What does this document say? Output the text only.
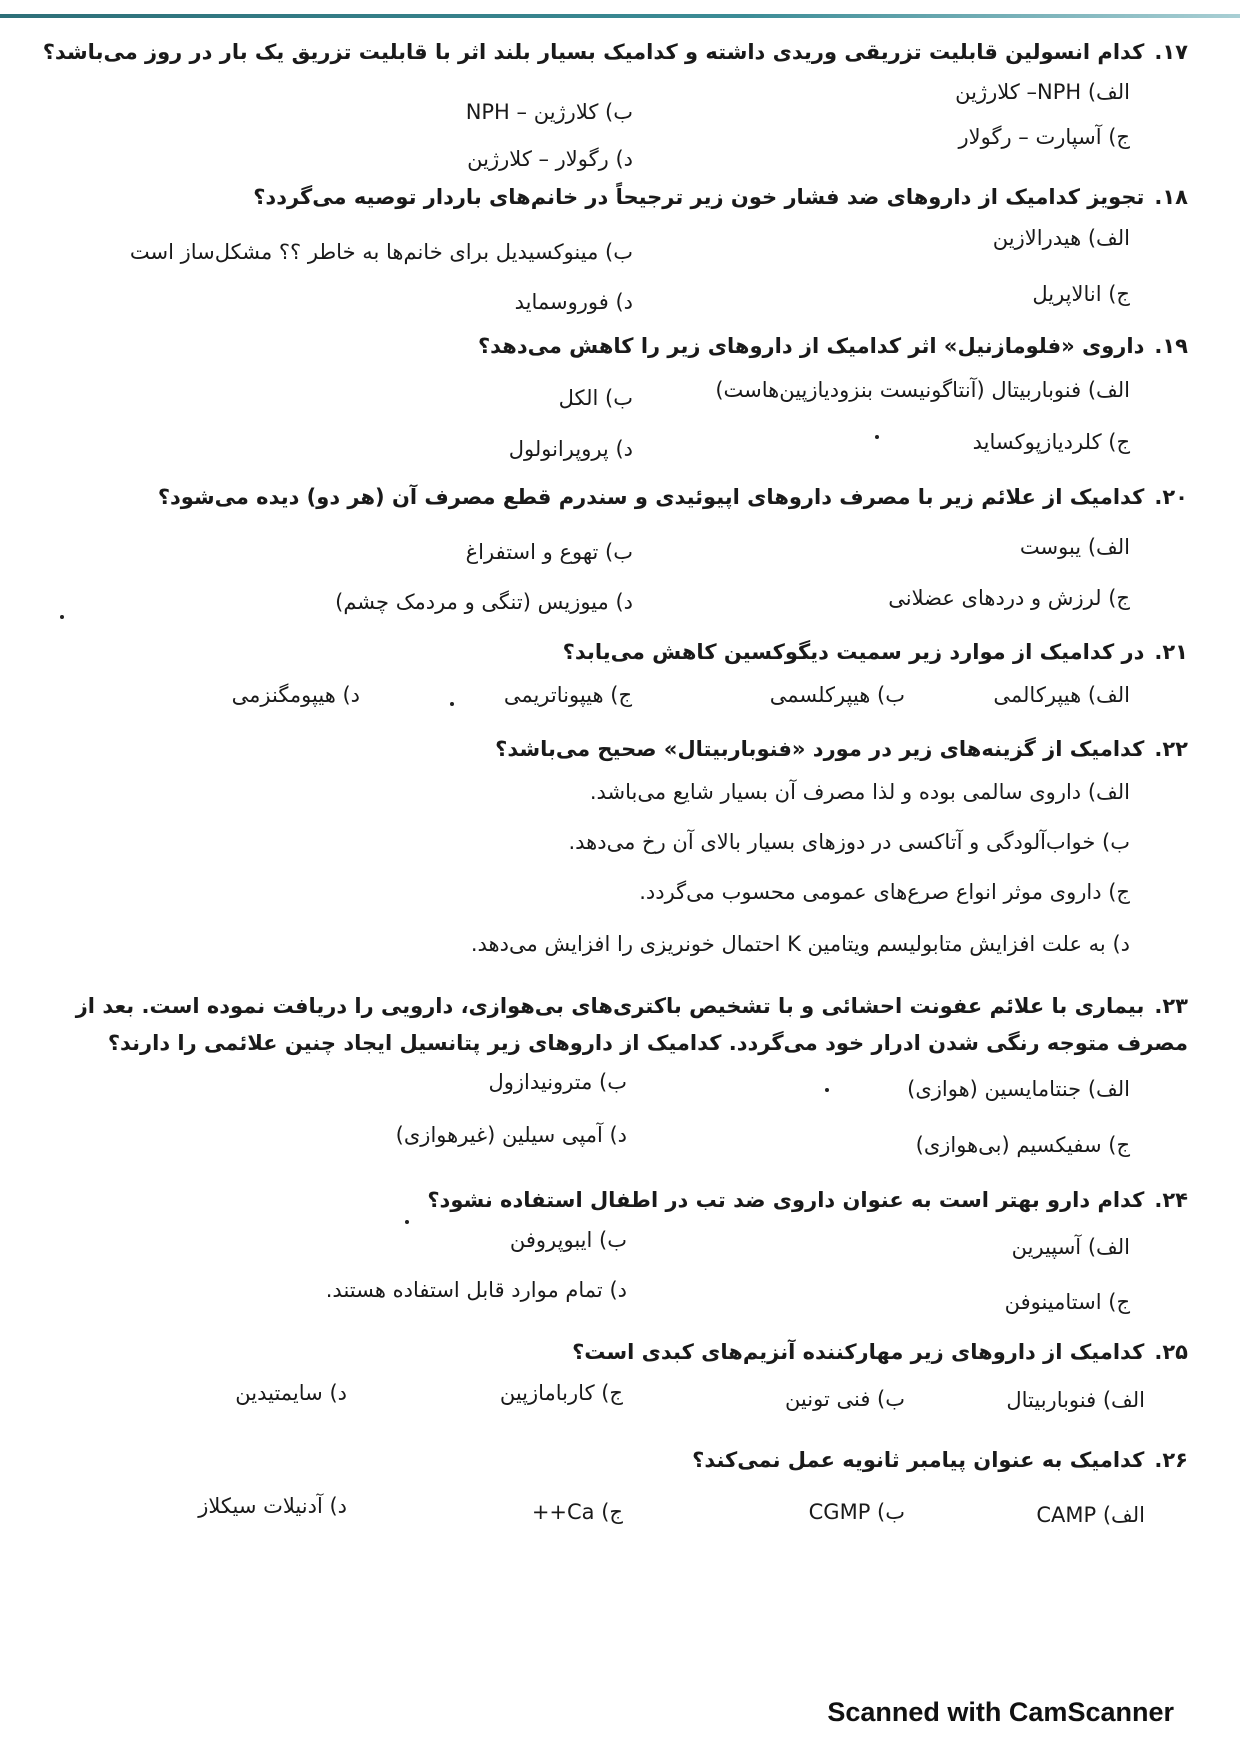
۱۷.کدام انسولین قابلیت تزریقی وریدی داشته و کدامیک بسیار بلند اثر با قابلیت تزریق یک بار در روز می‌باشد؟
الف) NPH– کلارژین
ب) کلارژین – NPH
ج) آسپارت – رگولار
د) رگولار – کلارژین
۱۸.تجویز کدامیک از داروهای ضد فشار خون زیر ترجیحاً در خانم‌های باردار توصیه می‌گردد؟
الف) هیدرالازین
ب) مینوکسیدیل برای خانم‌ها به خاطر ؟؟ مشکل‌ساز است
ج) انالاپریل
د) فوروسماید
۱۹.داروی «فلومازنیل» اثر کدامیک از داروهای زیر را کاهش می‌دهد؟
الف) فنوباربیتال (آنتاگونیست بنزودیازپین‌هاست)
ب) الکل
ج) کلردیازپوکساید
د) پروپرانولول
۲۰.کدامیک از علائم زیر با مصرف داروهای اپیوئیدی و سندرم قطع مصرف آن (هر دو) دیده می‌شود؟
الف) یبوست
ب) تهوع و استفراغ
ج) لرزش و دردهای عضلانی
د) میوزیس (تنگی و مردمک چشم)
۲۱.در کدامیک از موارد زیر سمیت دیگوکسین کاهش می‌یابد؟
الف) هیپرکالمی
ب) هیپرکلسمی
ج) هیپوناتریمی
د) هیپومگنزمی
۲۲.کدامیک از گزینه‌های زیر در مورد «فنوباربیتال» صحیح می‌باشد؟
الف) داروی سالمی بوده و لذا مصرف آن بسیار شایع می‌باشد.
ب) خواب‌آلودگی و آتاکسی در دوزهای بسیار بالای آن رخ می‌دهد.
ج) داروی موثر انواع صرع‌های عمومی محسوب می‌گردد.
د) به علت افزایش متابولیسم ویتامین K احتمال خونریزی را افزایش می‌دهد.
۲۳.بیماری با علائم عفونت احشائی و با تشخیص باکتری‌های بی‌هوازی، دارویی را دریافت نموده است. بعد از مصرف متوجه رنگی شدن ادرار خود می‌گردد. کدامیک از داروهای زیر پتانسیل ایجاد چنین علائمی را دارند؟
الف) جنتامایسین (هوازی)
ب) مترونیدازول
ج) سفیکسیم (بی‌هوازی)
د) آمپی سیلین (غیرهوازی)
۲۴.کدام دارو بهتر است به عنوان داروی ضد تب در اطفال استفاده نشود؟
الف) آسپیرین
ب) ایبوپروفن
ج) استامینوفن
د) تمام موارد قابل استفاده هستند.
۲۵.کدامیک از داروهای زیر مهارکننده آنزیم‌های کبدی است؟
الف) فنوباربیتال
ب) فنی تونین
ج) کاربامازپین
د) سایمتیدین
۲۶.کدامیک به عنوان پیامبر ثانویه عمل نمی‌کند؟
الف) CAMP
ب) CGMP
ج) Ca++
د) آدنیلات سیکلاز
Scanned with CamScanner
